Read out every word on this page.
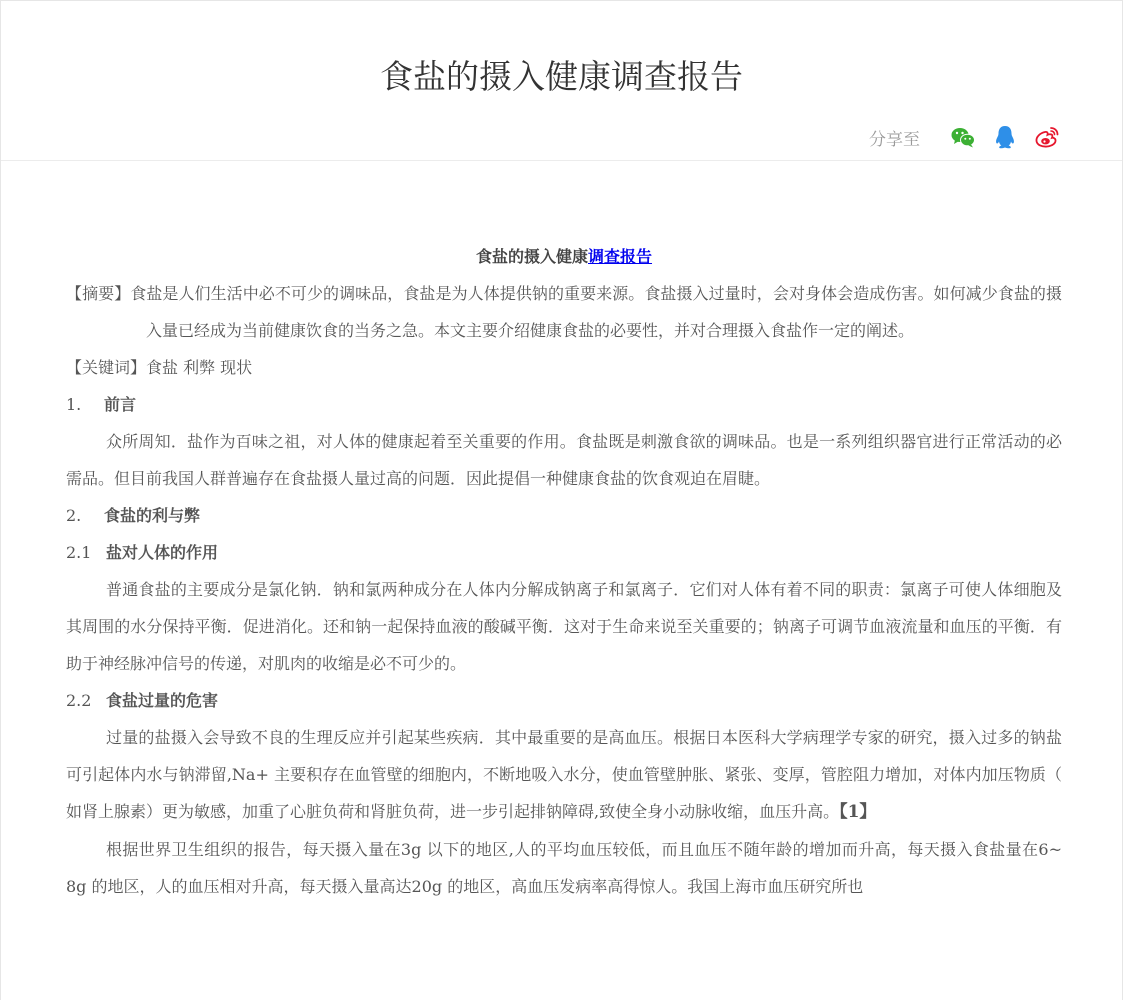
食盐的摄入健康调查报告
分享至

食盐的摄入健康调查报告

【摘要】食盐是人们生活中必不可少的调味品，食盐是为人体提供钠的重要来源。食盐摄入过量时，会对身体会造成伤害。如何减少食盐的摄入量已经成为当前健康饮食的当务之急。本文主要介绍健康食盐的必要性，并对合理摄入食盐作一定的阐述。

【关键词】食盐 利弊 现状

1. 前言

众所周知．盐作为百味之祖，对人体的健康起着至关重要的作用。食盐既是刺激食欲的调味品。也是一系列组织器官进行正常活动的必需品。但目前我国人群普遍存在食盐摄人量过高的问题．因此提倡一种健康食盐的饮食观迫在眉睫。

2. 食盐的利与弊

2.1 盐对人体的作用

普通食盐的主要成分是氯化钠．钠和氯两种成分在人体内分解成钠离子和氯离子．它们对人体有着不同的职责：氯离子可使人体细胞及其周围的水分保持平衡．促进消化。还和钠一起保持血液的酸碱平衡．这对于生命来说至关重要的；钠离子可调节血液流量和血压的平衡．有助于神经脉冲信号的传递，对肌肉的收缩是必不可少的。

2.2 食盐过量的危害

过量的盐摄入会导致不良的生理反应并引起某些疾病．其中最重要的是高血压。根据日本医科大学病理学专家的研究，摄入过多的钠盐可引起体内水与钠滞留,Na+ 主要积存在血管壁的细胞内，不断地吸入水分，使血管壁肿胀、紧张、变厚，管腔阻力增加，对体内加压物质（ 如肾上腺素）更为敏感，加重了心脏负荷和肾脏负荷，进一步引起排钠障碍,致使全身小动脉收缩，血压升高。【1】

根据世界卫生组织的报告，每天摄入量在3g 以下的地区,人的平均血压较低，而且血压不随年龄的增加而升高，每天摄入食盐量在6~ 8g 的地区，人的血压相对升高，每天摄入量高达20g 的地区，高血压发病率高得惊人。我国上海市血压研究所也
